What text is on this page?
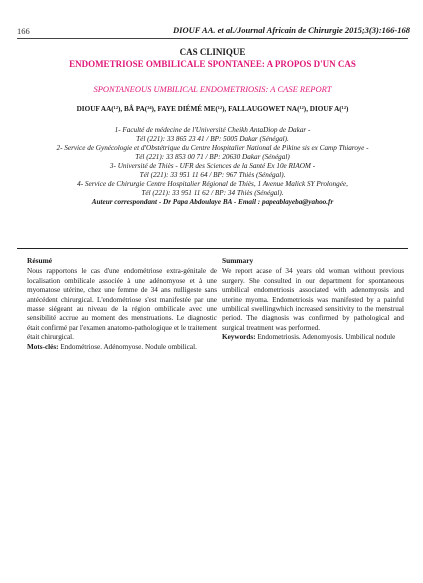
166	DIOUF AA. et al./Journal Africain de Chirurgie 2015;3(3):166-168
CAS CLINIQUE
ENDOMETRIOSE OMBILICALE SPONTANEE: A PROPOS D'UN CAS
SPONTANEOUS UMBILICAL ENDOMETRIOSIS: A CASE REPORT
DIOUF AA(¹²), BÂ PA(³⁴), FAYE DIÉMÉ ME(¹²), FALLAUGOWET NA(¹²), DIOUF A(¹²)
1- Faculté de médecine de l'Université Cheikh AntaDiop de Dakar -
Tél (221): 33 865 23 41 / BP: 5005 Dakar (Sénégal).
2- Service de Gynécologie et d'Obstétrique du Centre Hospitalier National de Pikine sis ex Camp Thiaroye -
Tél (221): 33 853 00 71 / BP: 20630 Dakar (Sénégal)
3- Université de Thiès - UFR des Sciences de la Santé Ex 10e RIAOM -
Tél (221): 33 951 11 64 / BP: 967 Thiès (Sénégal).
4- Service de Chirurgie Centre Hospitalier Régional de Thiès, 1 Avenue Malick SY Prolongée,
Tél (221): 33 951 11 62 / BP: 34 Thiès (Sénégal).
Auteur correspondant - Dr Papa Abdoulaye BA - Email : papeablayeba@yahoo.fr
Résumé

Nous rapportons le cas d'une endométriose extra-génitale de localisation ombilicale associée à une adénomyose et à une myomatose utérine, chez une femme de 34 ans nulligeste sans antécédent chirurgical. L'endométriose s'est manifestée par une masse siégeant au niveau de la région ombilicale avec une sensibilité accrue au moment des menstruations. Le diagnostic était confirmé par l'examen anatomo-pathologique et le traitement était chirurgical.

Mots-clés: Endométriose. Adénomyose. Nodule ombilical.

Summary

We report acase of 34 years old woman without previous surgery. She consulted in our department for spontaneous umbilical endometriosis associated with adenomyosis and uterine myoma. Endometriosis was manifested by a painful umbilical swellingwhich increased sensitivity to the menstrual period. The diagnosis was confirmed by pathological and surgical treatment was performed.

Keywords: Endometriosis. Adenomyosis. Umbilical nodule
